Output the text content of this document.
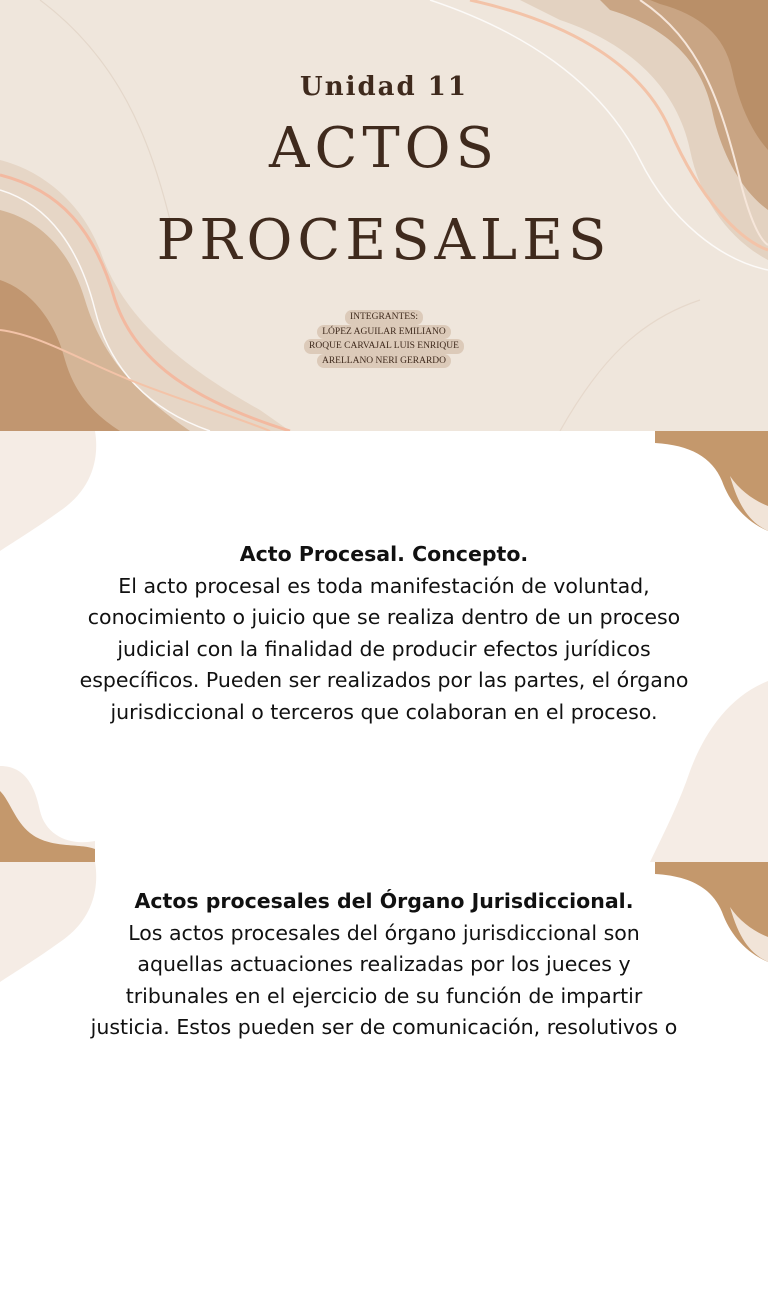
Unidad 11
ACTOS
PROCESALES
INTEGRANTES:
LÓPEZ AGUILAR EMILIANO
ROQUE CARVAJAL LUIS ENRIQUE
ARELLANO NERI GERARDO
Acto Procesal. Concepto.
El acto procesal es toda manifestación de voluntad, conocimiento o juicio que se realiza dentro de un proceso judicial con la finalidad de producir efectos jurídicos específicos. Pueden ser realizados por las partes, el órgano jurisdiccional o terceros que colaboran en el proceso.
Actos procesales del Órgano Jurisdiccional.
Los actos procesales del órgano jurisdiccional son aquellas actuaciones realizadas por los jueces y tribunales en el ejercicio de su función de impartir justicia. Estos pueden ser de comunicación, resolutivos o
